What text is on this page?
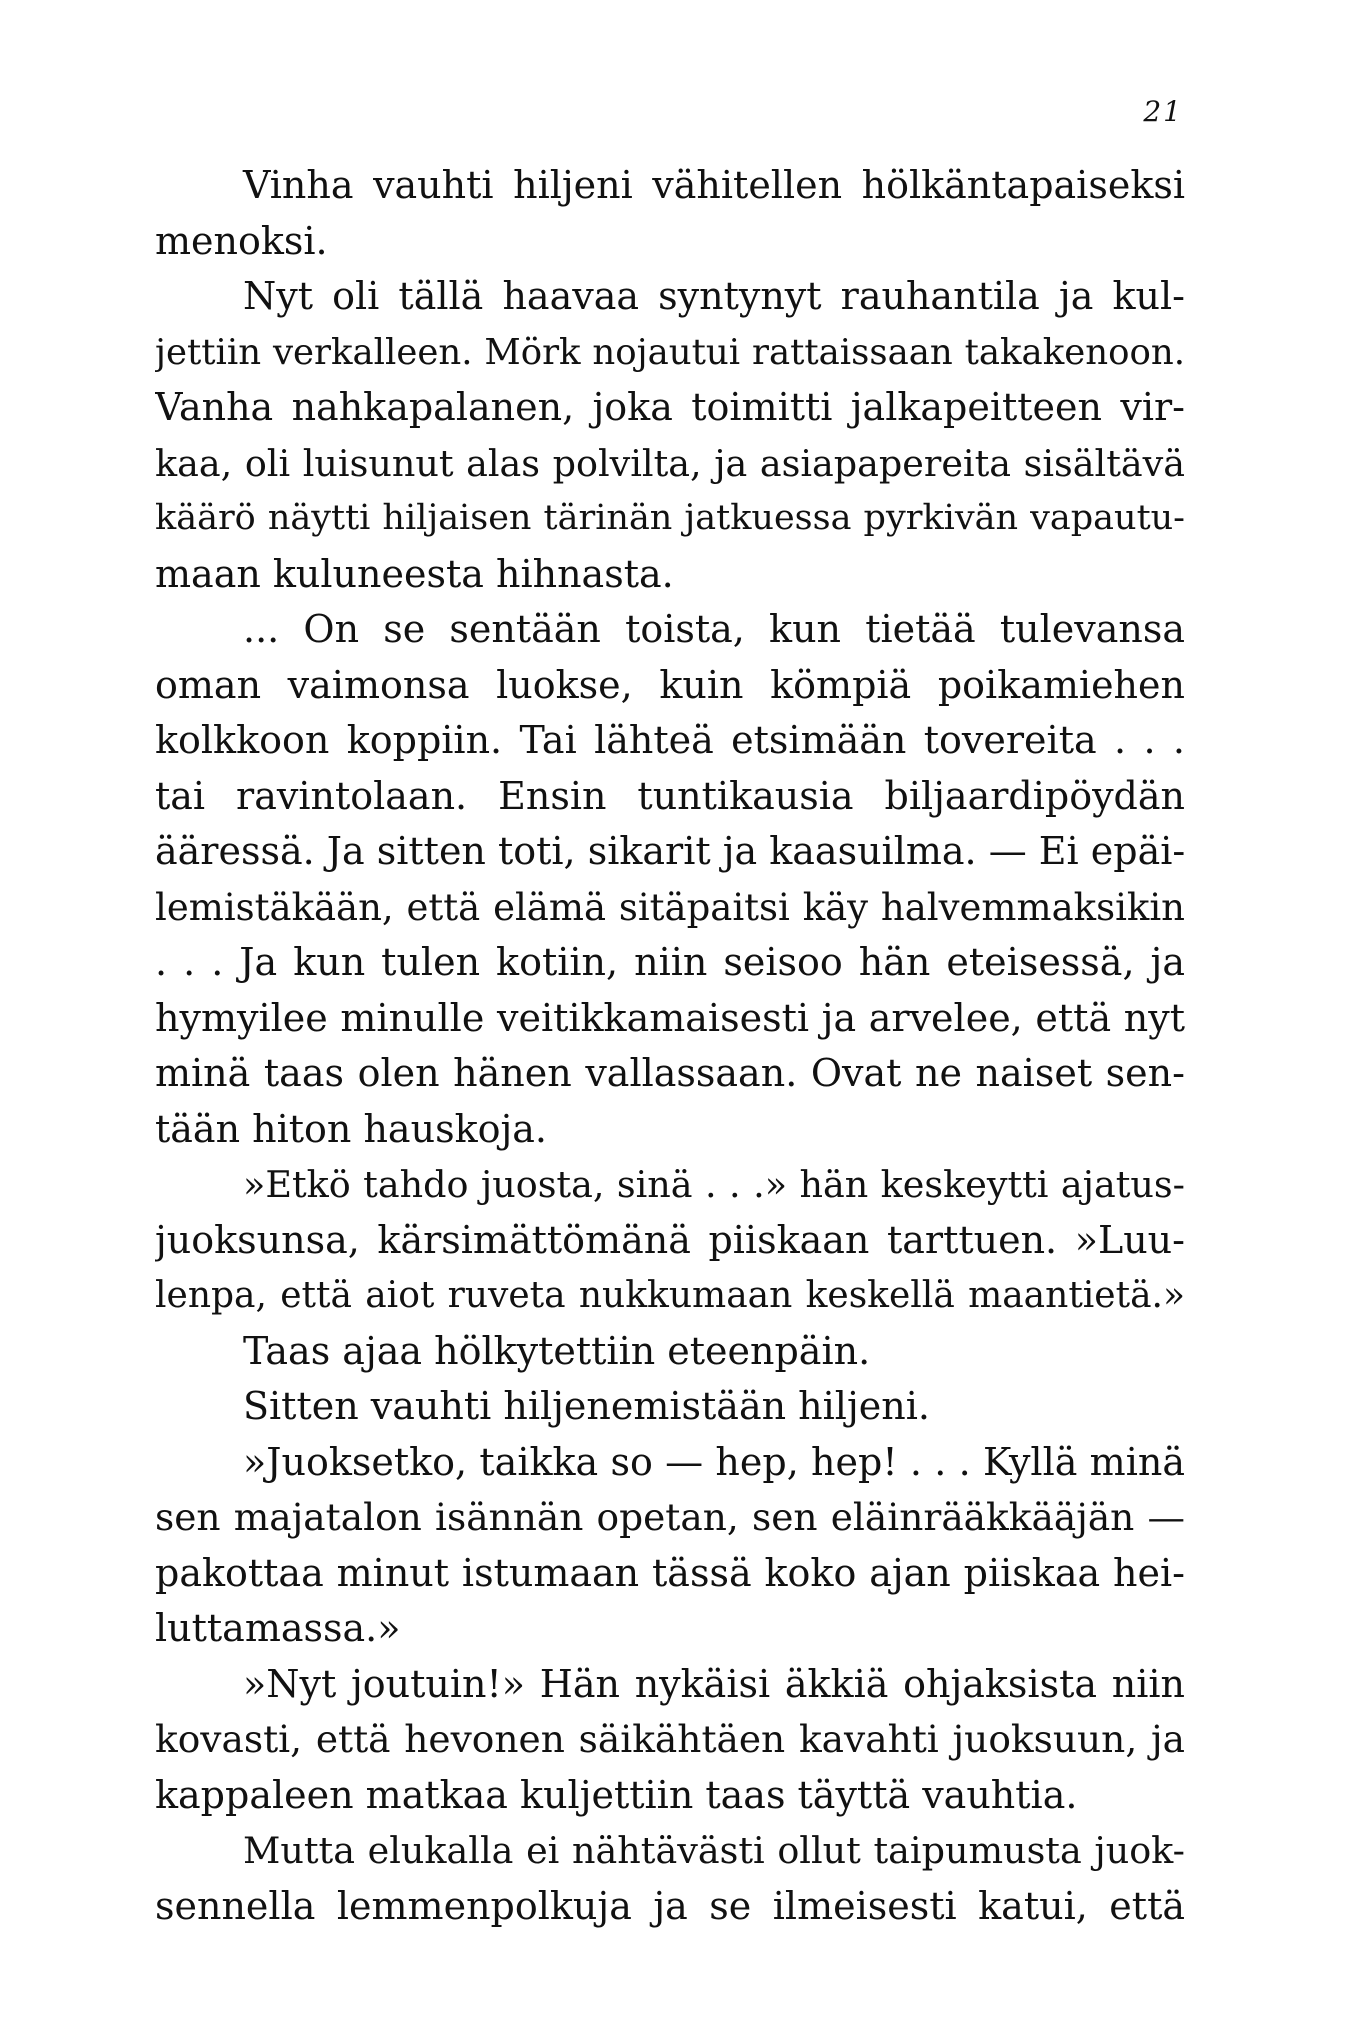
21
Vinha vauhti hiljeni vähitellen hölkäntapaiseksi
menoksi.
Nyt oli tällä haavaa syntynyt rauhantila ja kul-
jettiin verkalleen. Mörk nojautui rattaissaan takakenoon.
Vanha nahkapalanen, joka toimitti jalkapeitteen vir-
kaa, oli luisunut alas polvilta, ja asiapapereita sisältävä
käärö näytti hiljaisen tärinän jatkuessa pyrkivän vapautu-
maan kuluneesta hihnasta.
... On se sentään toista, kun tietää tulevansa
oman vaimonsa luokse, kuin kömpiä poikamiehen
kolkkoon koppiin. Tai lähteä etsimään tovereita . . .
tai ravintolaan. Ensin tuntikausia biljaardipöydän
ääressä. Ja sitten toti, sikarit ja kaasuilma. — Ei epäi-
lemistäkään, että elämä sitäpaitsi käy halvemmaksikin
. . . Ja kun tulen kotiin, niin seisoo hän eteisessä, ja
hymyilee minulle veitikkamaisesti ja arvelee, että nyt
minä taas olen hänen vallassaan. Ovat ne naiset sen-
tään hiton hauskoja.
»Etkö tahdo juosta, sinä . . .» hän keskeytti ajatus-
juoksunsa, kärsimättömänä piiskaan tarttuen. »Luu-
lenpa, että aiot ruveta nukkumaan keskellä maantietä.»
Taas ajaa hölkytettiin eteenpäin.
Sitten vauhti hiljenemistään hiljeni.
»Juoksetko, taikka so — hep, hep! . . . Kyllä minä
sen majatalon isännän opetan, sen eläinrääkkääjän —
pakottaa minut istumaan tässä koko ajan piiskaa hei-
luttamassa.»
»Nyt joutuin!» Hän nykäisi äkkiä ohjaksista niin
kovasti, että hevonen säikähtäen kavahti juoksuun, ja
kappaleen matkaa kuljettiin taas täyttä vauhtia.
Mutta elukalla ei nähtävästi ollut taipumusta juok-
sennella lemmenpolkuja ja se ilmeisesti katui, että
